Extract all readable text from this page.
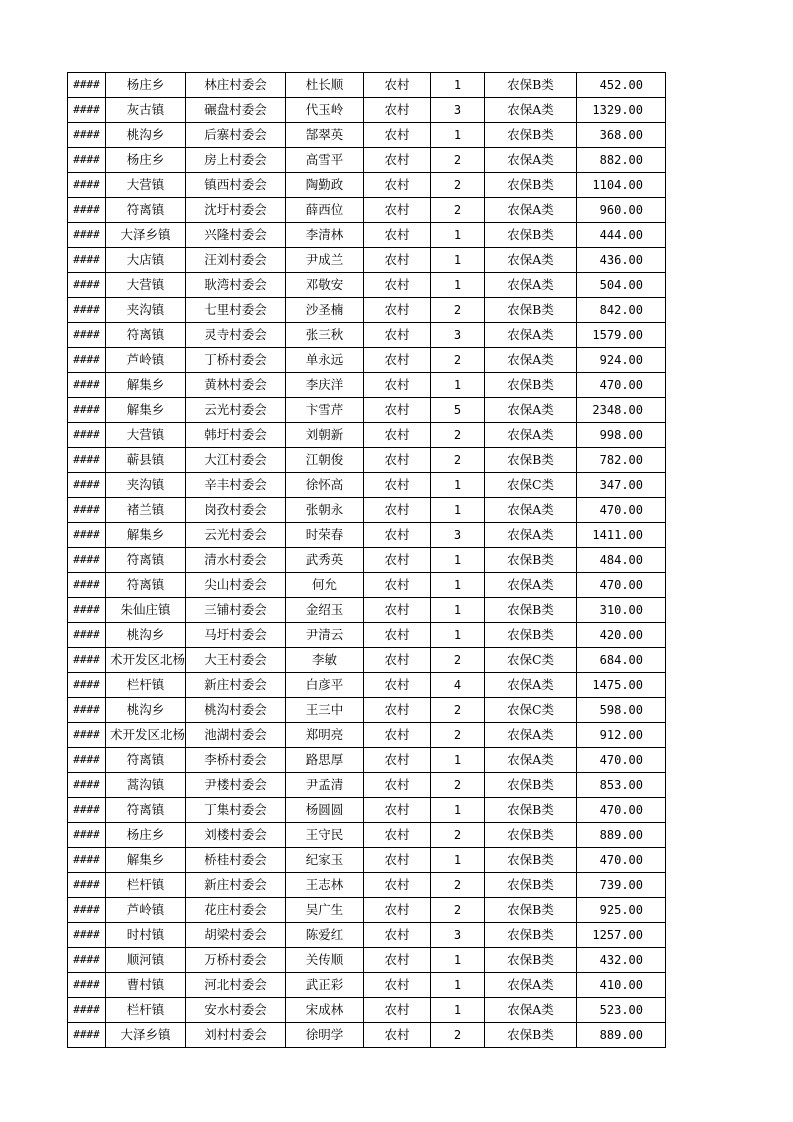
####	杨庄乡	林庄村委会	杜长顺	农村	1	农保B类	452.00
####	灰古镇	碾盘村委会	代玉岭	农村	3	农保A类	1329.00
####	桃沟乡	后寨村委会	郜翠英	农村	1	农保B类	368.00
####	杨庄乡	房上村委会	高雪平	农村	2	农保A类	882.00
####	大营镇	镇西村委会	陶勤政	农村	2	农保B类	1104.00
####	符离镇	沈圩村委会	薛西位	农村	2	农保A类	960.00
####	大泽乡镇	兴隆村委会	李清林	农村	1	农保B类	444.00
####	大店镇	汪刘村委会	尹成兰	农村	1	农保A类	436.00
####	大营镇	耿湾村委会	邓敬安	农村	1	农保A类	504.00
####	夹沟镇	七里村委会	沙圣楠	农村	2	农保B类	842.00
####	符离镇	灵寺村委会	张三秋	农村	3	农保A类	1579.00
####	芦岭镇	丁桥村委会	单永远	农村	2	农保A类	924.00
####	解集乡	黄林村委会	李庆洋	农村	1	农保B类	470.00
####	解集乡	云光村委会	卞雪芹	农村	5	农保A类	2348.00
####	大营镇	韩圩村委会	刘朝新	农村	2	农保A类	998.00
####	蕲县镇	大江村委会	江朝俊	农村	2	农保B类	782.00
####	夹沟镇	辛丰村委会	徐怀高	农村	1	农保C类	347.00
####	褚兰镇	岗孜村委会	张朝永	农村	1	农保A类	470.00
####	解集乡	云光村委会	时荣春	农村	3	农保A类	1411.00
####	符离镇	清水村委会	武秀英	农村	1	农保B类	484.00
####	符离镇	尖山村委会	何允	农村	1	农保A类	470.00
####	朱仙庄镇	三铺村委会	金绍玉	农村	1	农保B类	310.00
####	桃沟乡	马圩村委会	尹清云	农村	1	农保B类	420.00
####	术开发区北杨	大王村委会	李敏	农村	2	农保C类	684.00
####	栏杆镇	新庄村委会	白彦平	农村	4	农保A类	1475.00
####	桃沟乡	桃沟村委会	王三中	农村	2	农保C类	598.00
####	术开发区北杨	池湖村委会	郑明亮	农村	2	农保A类	912.00
####	符离镇	李桥村委会	路思厚	农村	1	农保A类	470.00
####	蒿沟镇	尹楼村委会	尹孟清	农村	2	农保B类	853.00
####	符离镇	丁集村委会	杨圆圆	农村	1	农保B类	470.00
####	杨庄乡	刘楼村委会	王守民	农村	2	农保B类	889.00
####	解集乡	桥桂村委会	纪家玉	农村	1	农保B类	470.00
####	栏杆镇	新庄村委会	王志林	农村	2	农保B类	739.00
####	芦岭镇	花庄村委会	吴广生	农村	2	农保B类	925.00
####	时村镇	胡梁村委会	陈爱红	农村	3	农保B类	1257.00
####	顺河镇	万桥村委会	关传顺	农村	1	农保B类	432.00
####	曹村镇	河北村委会	武正彩	农村	1	农保A类	410.00
####	栏杆镇	安水村委会	宋成林	农村	1	农保A类	523.00
####	大泽乡镇	刘村村委会	徐明学	农村	2	农保B类	889.00
